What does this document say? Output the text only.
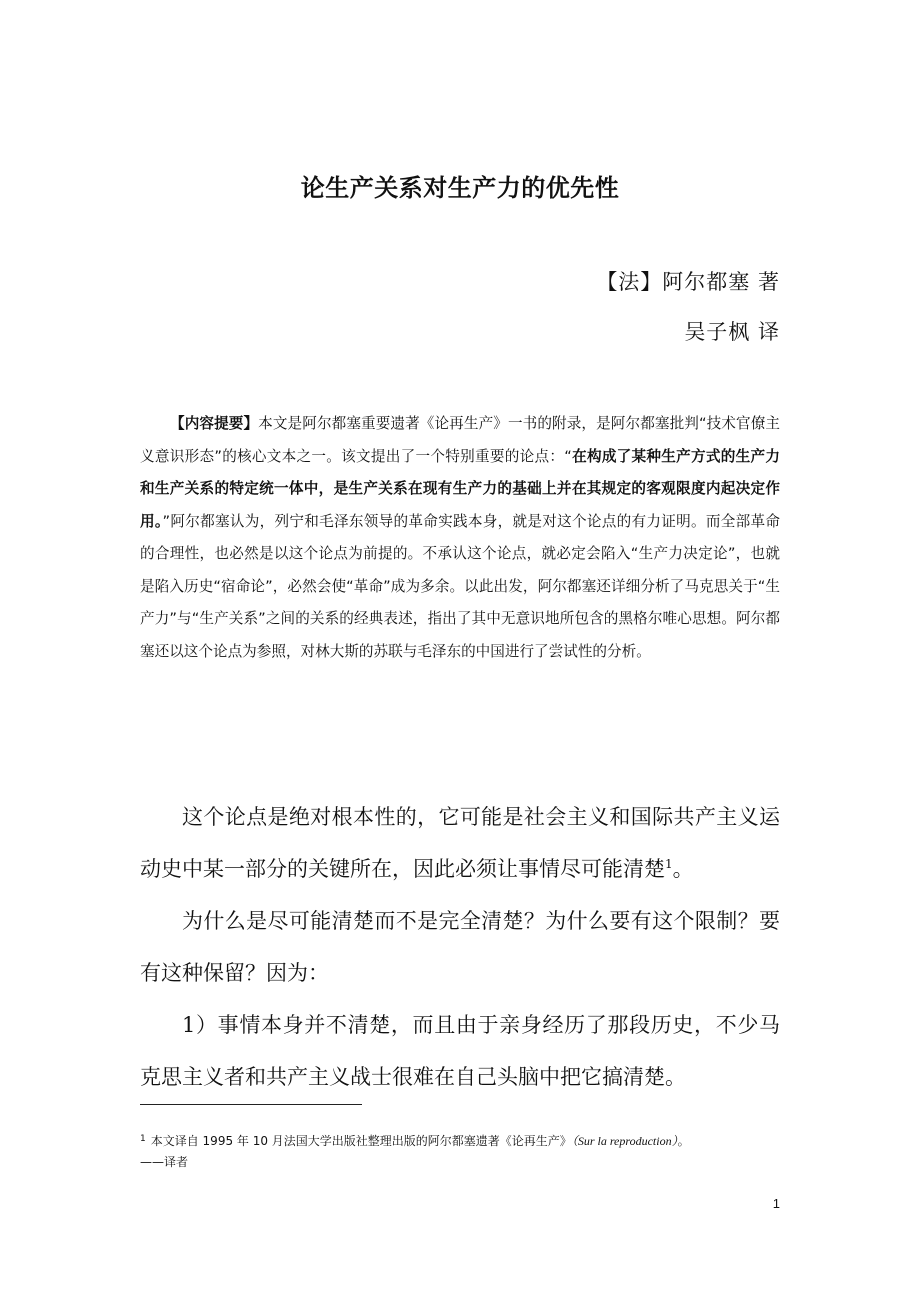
论生产关系对生产力的优先性
【法】阿尔都塞 著
吴子枫 译

【内容提要】本文是阿尔都塞重要遗著《论再生产》一书的附录，是阿尔都塞批判“技术官僚主义意识形态”的核心文本之一。该文提出了一个特别重要的论点：“在构成了某种生产方式的生产力和生产关系的特定统一体中，是生产关系在现有生产力的基础上并在其规定的客观限度内起决定作用。”阿尔都塞认为，列宁和毛泽东领导的革命实践本身，就是对这个论点的有力证明。而全部革命的合理性，也必然是以这个论点为前提的。不承认这个论点，就必定会陷入“生产力决定论”，也就是陷入历史“宿命论”，必然会使“革命”成为多余。以此出发，阿尔都塞还详细分析了马克思关于“生产力”与“生产关系”之间的关系的经典表述，指出了其中无意识地所包含的黑格尔唯心思想。阿尔都塞还以这个论点为参照，对林大斯的苏联与毛泽东的中国进行了尝试性的分析。

这个论点是绝对根本性的，它可能是社会主义和国际共产主义运动史中某一部分的关键所在，因此必须让事情尽可能清楚$^1$。

为什么是尽可能清楚而不是完全清楚？为什么要有这个限制？要有这种保留？因为：

1）事情本身并不清楚，而且由于亲身经历了那段历史，不少马克思主义者和共产主义战士很难在自己头脑中把它搞清楚。

$^1$ 本文译自 1995 年 10 月法国大学出版社整理出版的阿尔都塞遗著《论再生产》（Sur la reproduction）。
——译者

1
